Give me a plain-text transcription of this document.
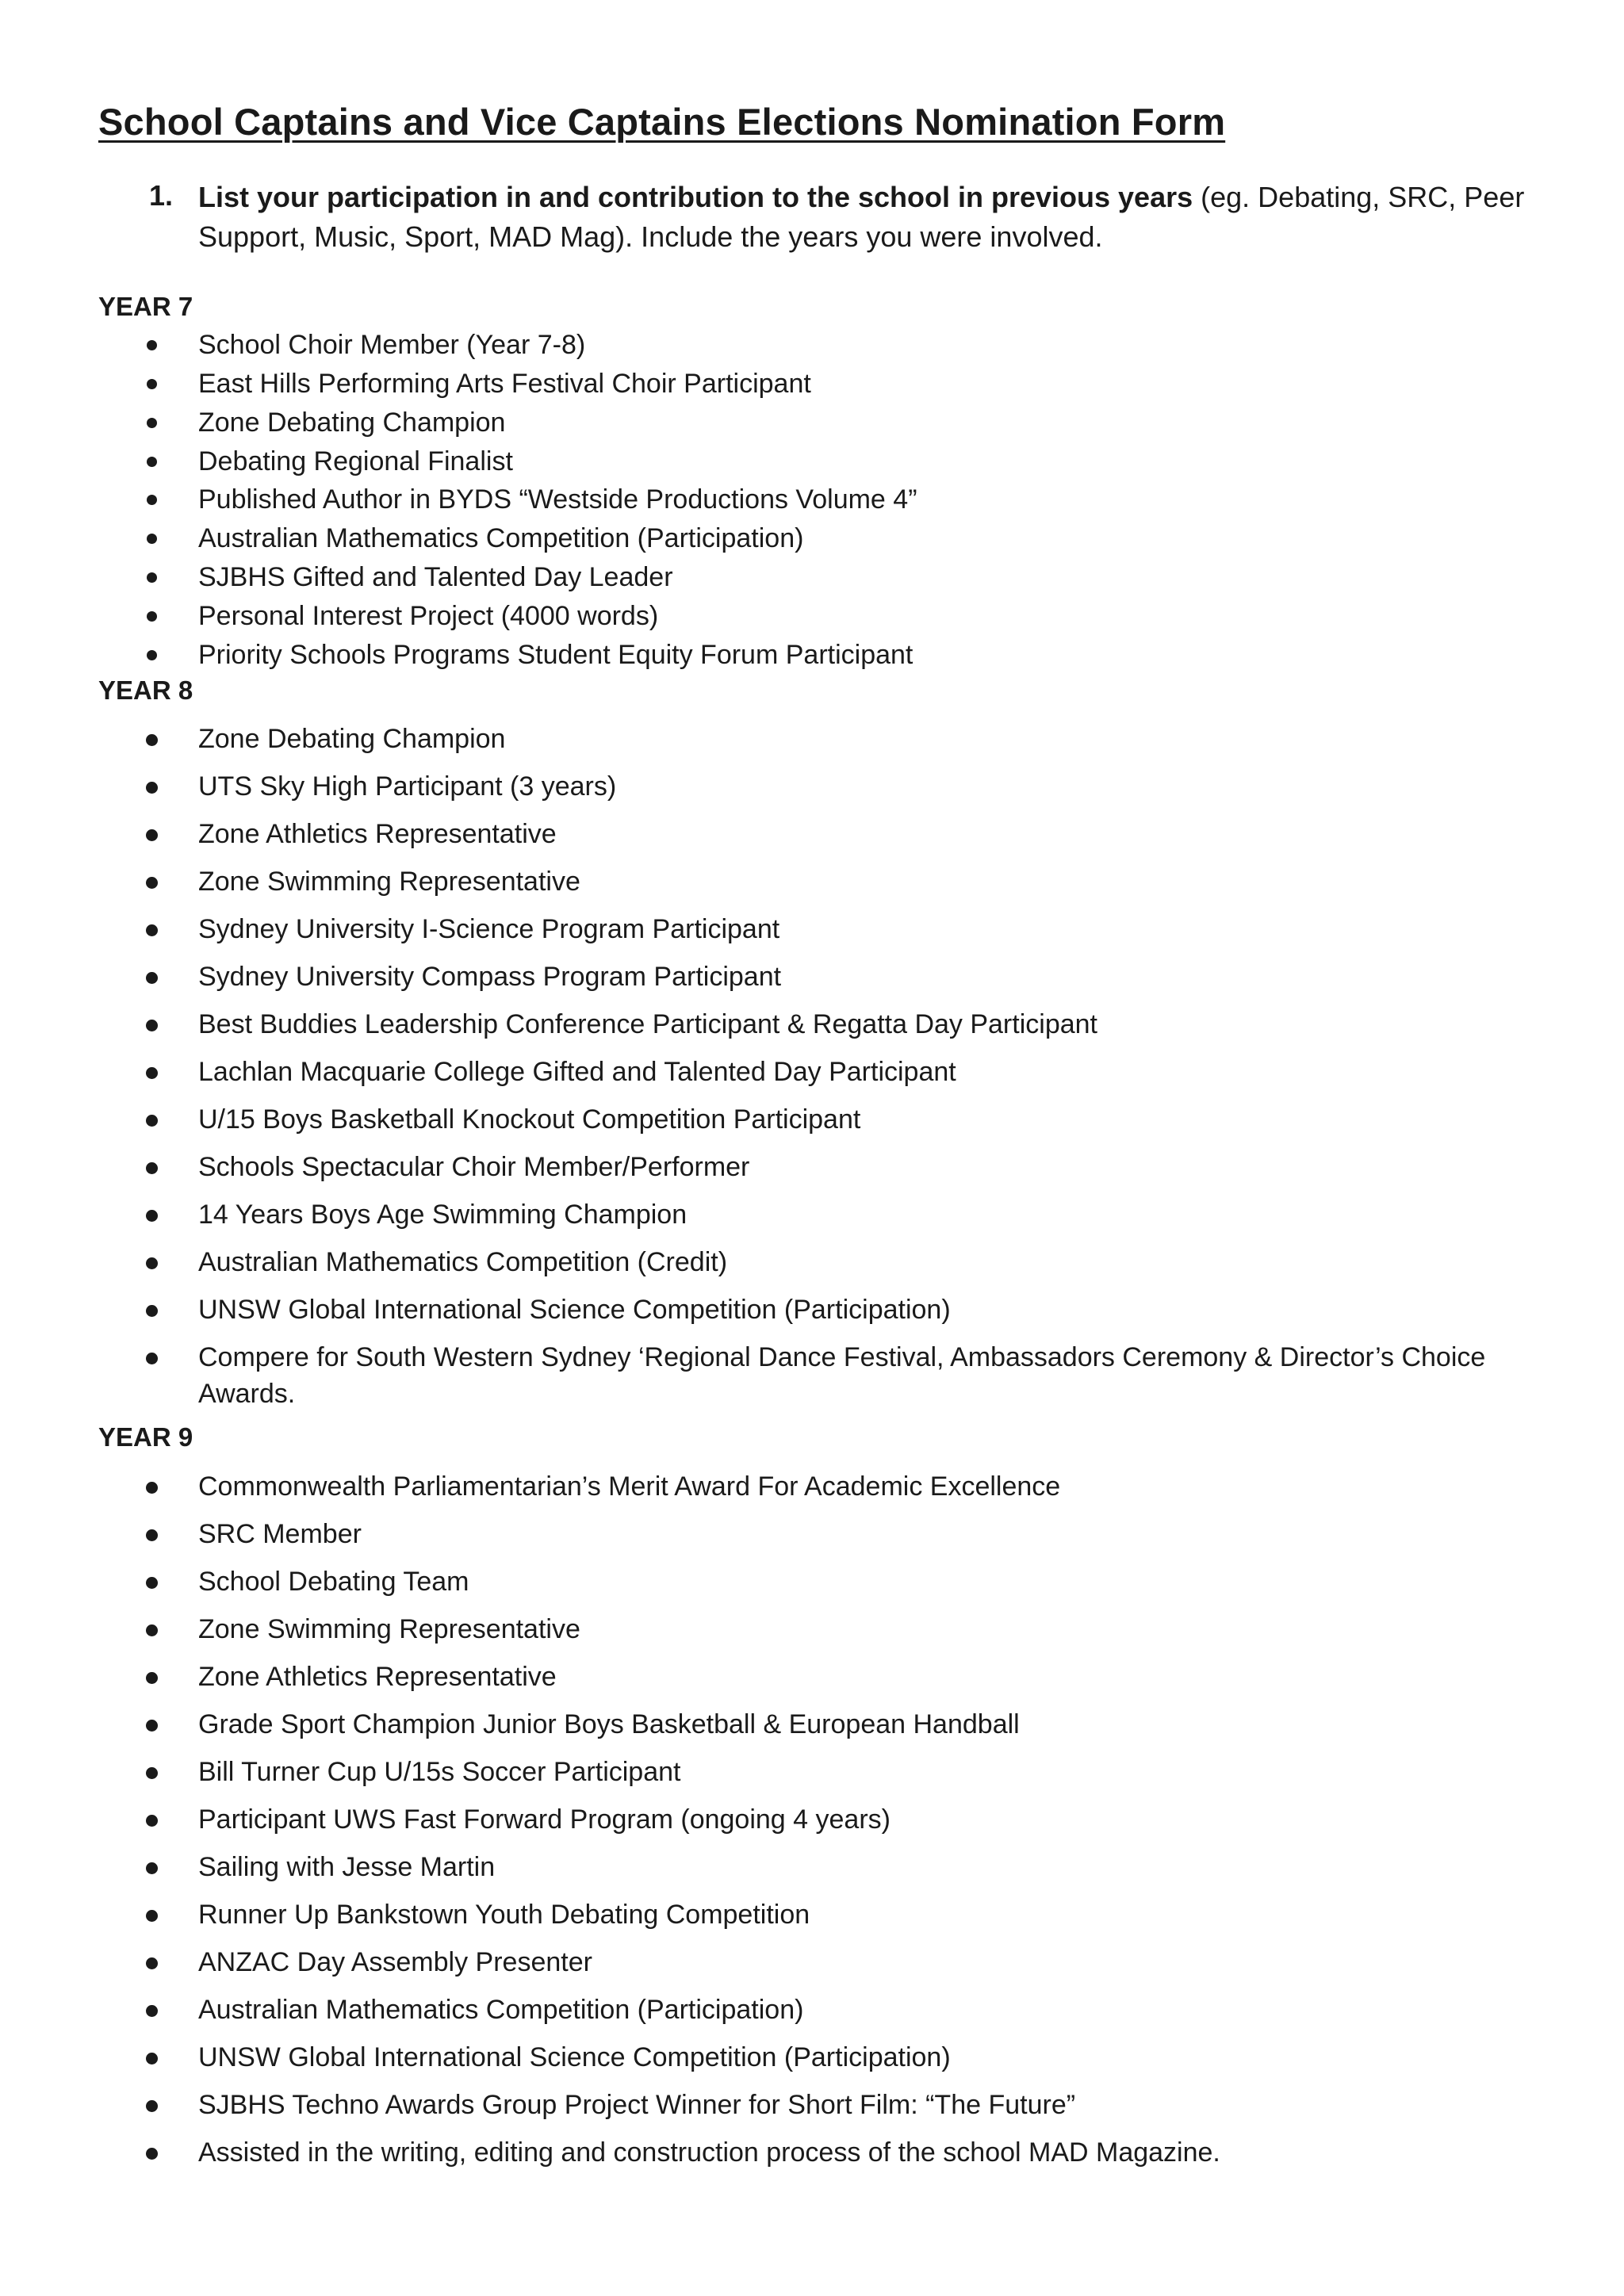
School Captains and Vice Captains Elections Nomination Form
1. List your participation in and contribution to the school in previous years (eg. Debating, SRC, Peer Support, Music, Sport, MAD Mag). Include the years you were involved.
YEAR 7
School Choir Member (Year 7-8)
East Hills Performing Arts Festival Choir Participant
Zone Debating Champion
Debating Regional Finalist
Published Author in BYDS “Westside Productions Volume 4”
Australian Mathematics Competition (Participation)
SJBHS Gifted and Talented Day Leader
Personal Interest Project (4000 words)
Priority Schools Programs Student Equity Forum Participant
YEAR 8
Zone Debating Champion
UTS Sky High Participant (3 years)
Zone Athletics Representative
Zone Swimming Representative
Sydney University I-Science Program Participant
Sydney University Compass Program Participant
Best Buddies Leadership Conference Participant & Regatta Day Participant
Lachlan Macquarie College Gifted and Talented Day Participant
U/15 Boys Basketball Knockout Competition Participant
Schools Spectacular Choir Member/Performer
14 Years Boys Age Swimming Champion
Australian Mathematics Competition (Credit)
UNSW Global International Science Competition (Participation)
Compere for South Western Sydney ‘Regional Dance Festival, Ambassadors Ceremony & Director’s Choice Awards.
YEAR 9
Commonwealth Parliamentarian’s Merit Award For Academic Excellence
SRC Member
School Debating Team
Zone Swimming Representative
Zone Athletics Representative
Grade Sport Champion Junior Boys Basketball & European Handball
Bill Turner Cup U/15s Soccer Participant
Participant UWS Fast Forward Program (ongoing 4 years)
Sailing with Jesse Martin
Runner Up Bankstown Youth Debating Competition
ANZAC Day Assembly Presenter
Australian Mathematics Competition (Participation)
UNSW Global International Science Competition (Participation)
SJBHS Techno Awards Group Project Winner for Short Film: “The Future”
Assisted in the writing, editing and construction process of the school MAD Magazine.
